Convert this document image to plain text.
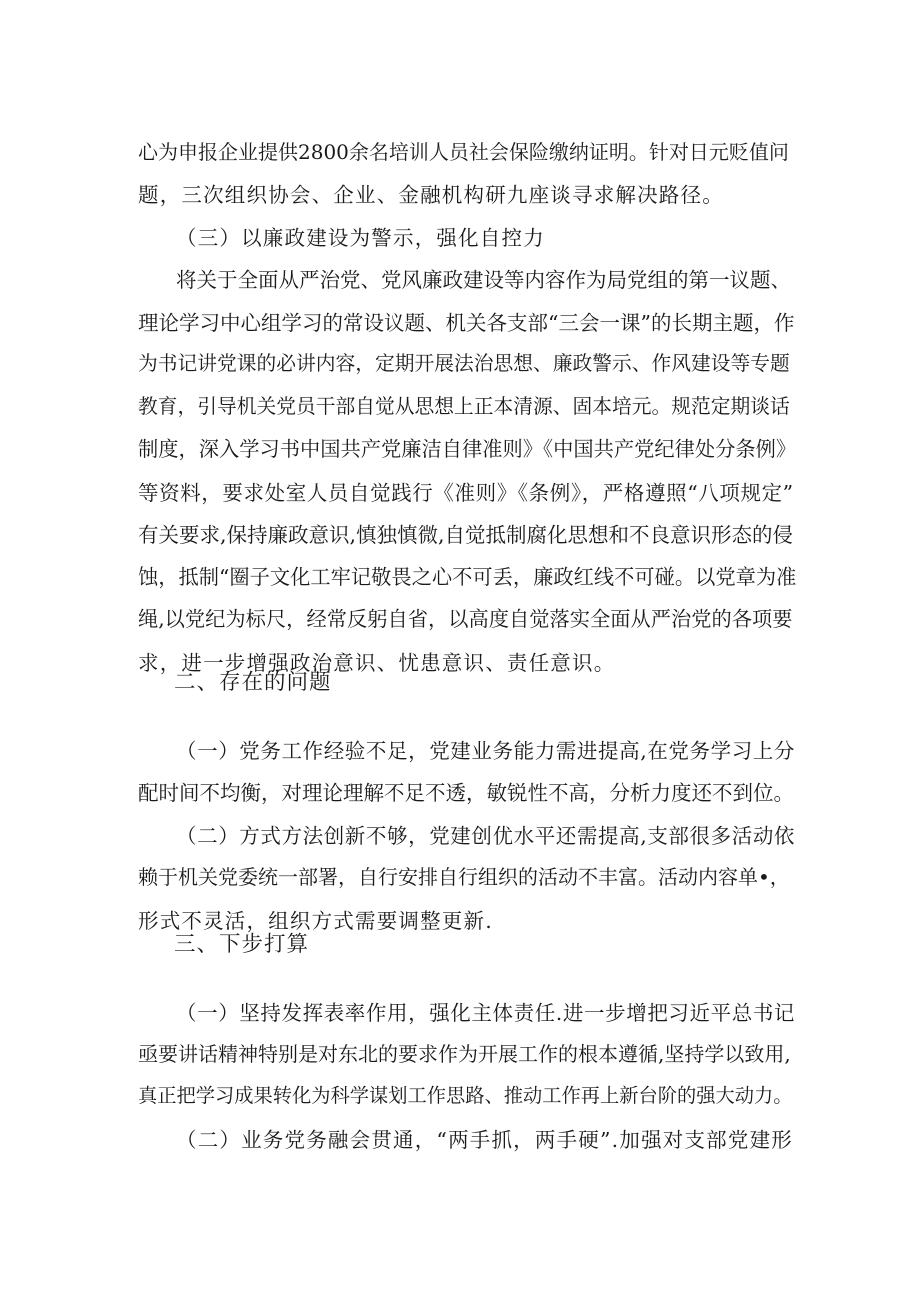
心为申报企业提供2800余名培训人员社会保险缴纳证明。针对日元贬值问

题，三次组织协会、企业、金融机构研九座谈寻求解决路径。

（三）以廉政建设为警示，强化自控力

将关于全面从严治党、党风廉政建设等内容作为局党组的第一议题、

理论学习中心组学习的常设议题、机关各支部“三会一课”的长期主题，作

为书记讲党课的必讲内容，定期开展法治思想、廉政警示、作风建设等专题

教育，引导机关党员干部自觉从思想上正本清源、固本培元。规范定期谈话

制度，深入学习书中国共产党廉洁自律准则》《中国共产党纪律处分条例》

等资料，要求处室人员自觉践行《准则》《条例》，严格遵照“八项规定”

有关要求,保持廉政意识,慎独慎微,自觉抵制腐化思想和不良意识形态的侵

蚀，抵制“圈子文化工牢记敬畏之心不可丢，廉政红线不可碰。以党章为准

绳,以党纪为标尺，经常反躬自省，以高度自觉落实全面从严治党的各项要

求，进一步增强政治意识、忧患意识、责任意识。

二、存在的问题

（一）党务工作经验不足，党建业务能力需进提高,在党务学习上分

配时间不均衡，对理论理解不足不透，敏锐性不高，分析力度还不到位。

（二）方式方法创新不够，党建创优水平还需提高,支部很多活动依

赖于机关党委统一部署，自行安排自行组织的活动不丰富。活动内容单•，

形式不灵活，组织方式需要调整更新.

三、下步打算

（一）坚持发挥表率作用，强化主体责任.进一步增把习近平总书记

亟要讲话精神特别是对东北的要求作为开展工作的根本遵循,坚持学以致用,

真正把学习成果转化为科学谋划工作思路、推动工作再上新台阶的强大动力。

（二）业务党务融会贯通，“两手抓，两手硬”.加强对支部党建形
